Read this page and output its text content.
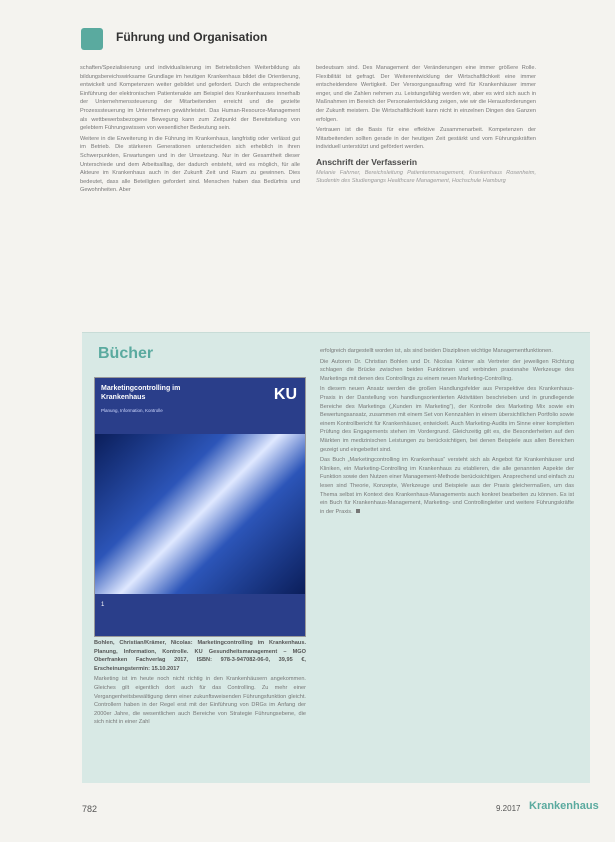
Führung und Organisation

schaften/Spezialisierung und individualisierung im Betriebslichen Weiterbildung als bildungsbereichswirksame Grundlage im heutigen Krankenhaus bildet die Orientierung, entwickelt und Kompetenzen weiter gebildet und gefordert. Durch die entsprechende Einführung der elektronischen Patientenakte am Beispiel des Krankenhauses innerhalb der Unternehmenssteuerung der Mitarbeitenden erreicht und die gezielte Prozesssteuerung im Unternehmen gewährleistet. Das Human-Resource-Management als wettbewerbsbezogene Bewegung kann zum Zeitpunkt der Bereitstellung von gelebtem Führungswissen von wesentlicher Bedeutung sein.

Weitere in die Erweiterung in die Führung im Krankenhaus, langfristig oder verlässt gut im Betrieb. Die stärkeren Generationen unterscheiden sich erheblich in ihren Schwerpunkten, Erwartungen und in der Umsetzung. Nur in der Gesamtheit dieser Unterschiede und dem Arbeitsalltag, der dadurch entsteht, wird es möglich, für alle Akteure im Krankenhaus auch in der Zukunft Zeit und Raum zu gewinnen. Dies bedeutet, dass alle Beteiligten gefordert sind. Menschen haben das Bedürfnis und Gewohnheiten. Aber

bedeutsam sind. Des Management der Veränderungen eine immer größere Rolle. Flexibilität ist gefragt. Der Weiterentwicklung der Wirtschaftlichkeit eine immer entscheidendere Wertigkeit. Der Versorgungsauftrag wird für Krankenhäuser immer enger, und die Zahlen nehmen zu. Leistungsfähig werden wir, aber es wird sich auch in Maßnahmen im Bereich der Personalentwicklung zeigen, wie wir die Herausforderungen der Zukunft meistern. Die Wirtschaftlichkeit kann nicht in einzelnen Dingen des Ganzen erfolgen.

Vertrauen ist die Basis für eine effektive Zusammenarbeit. Kompetenzen der Mitarbeitenden sollten gerade in der heutigen Zeit gestärkt und vom Führungskräften individuell unterstützt und gefördert werden.

Anschrift der Verfasserin
Melanie Fahrner, Bereichsleitung Patientenmanagement, Krankenhaus Rosenheim, Studentin des Studiengangs Healthcare Management, Hochschule Hamburg
Bücher
Marketingcontrolling im Krankenhaus
Planung, Information, Kontrolle
KU
1

Bohlen, Christian/Krämer, Nicolas: Marketingcontrolling im Krankenhaus. Planung, Information, Kontrolle. KU Gesundheitsmanagement – MGO Oberfranken Fachverlag 2017, ISBN: 978-3-947082-06-0, 39,95 €, Erscheinungstermin: 15.10.2017

Marketing ist im heute noch nicht richtig in den Krankenhäusern angekommen. Gleiches gilt eigentlich dort auch für das Controlling. Zu mehr einer Vergangenheitsbewältigung denn einer zukunftsweisenden Führungsfunktion gleicht. Controllern haben in der Regel erst mit der Einführung von DRGs im Anfang der 2000er Jahre, die wesentlichen auch Bereiche von Strategie Führungsebene, die sich nicht in einer Zahl

erfolgreich dargestellt worden ist, als sind beiden Disziplinen wichtige Managementfunktionen.

Die Autoren Dr. Christian Bohlen und Dr. Nicolas Krämer als Vertreter der jeweiligen Richtung schlagen die Brücke zwischen beiden Funktionen und verbinden praxisnahe Werkzeuge des Marketings mit denen des Controllings zu einem neuen Marketing-Controlling.

In diesem neuen Ansatz werden die großen Handlungsfelder aus Perspektive des Krankenhaus-Praxis in der Darstellung von handlungsorientierten Aktivitäten beschrieben und in grundlegende Bereiche des Marketings („Kunden im Marketing“), der Kontrolle des Marketing Mix sowie ein Bewertungsansatz, zusammen mit einem Set von Kennzahlen in einem übersichtlichen Portfolio sowie einem Kontrollbericht für Krankenhäuser, entwickelt. Auch Marketing-Audits im Sinne einer kompletten Prüfung des Engagements stehen im Vordergrund. Gleichzeitig gilt es, die Besonderheiten auf den Märkten im medizinischen Leistungen zu berücksichtigen, bei denen Beispiele aus allen Bereichen gezeigt und eingebettet sind.

Das Buch „Marketingcontrolling im Krankenhaus“ versteht sich als Angebot für Krankenhäuser und Kliniken, ein Marketing-Controlling im Krankenhaus zu etablieren, die alle genannten Aspekte der Funktion sowie den Nutzen einer Management-Methode berücksichtigen. Ansprechend und einfach zu lesen sind Theorie, Konzepte, Werkzeuge und Beispiele aus der Praxis gleichermaßen, um das Thema selbst im Kontext des Krankenhaus-Managements auch konkret bearbeiten zu können. Es ist ein Buch für Krankenhaus-Management, Marketing- und Controllingleiter und weitere Führungskräfte in der Praxis.

782	9.2017 Krankenhaus
